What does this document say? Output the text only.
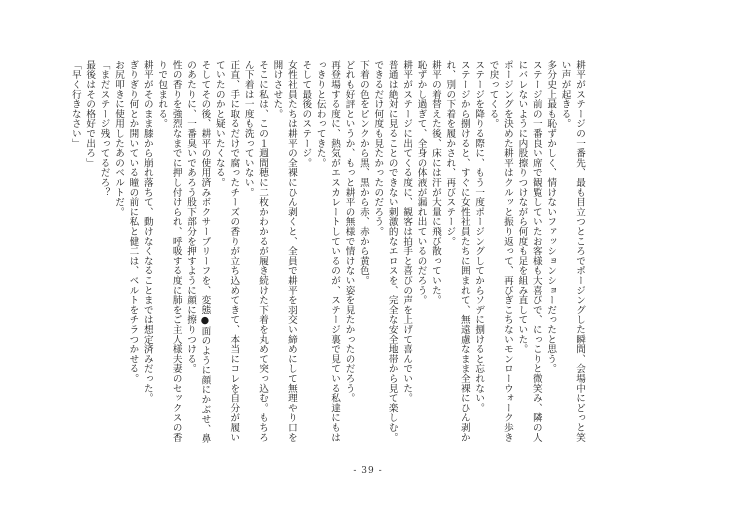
耕平がステージの一番先、最も目立つところでポージングした瞬間、会場中にどっと笑
い声が起きる。
多分史上最も恥ずかしく、情けないファッションショーだったと思う。
ステージ前の一番良い席で観覧していたお客様も大喜びで、にっこりと微笑み、隣の人
にバレないように内股擦りつけながら何度も足を組み直していた。
ポージングを決めた耕平はクルッと振り返って、再びぎこちないモンローウォーク歩き
で戻ってくる。
ステージを降りる際に、もう一度ポージングしてからソデに捌けると忘れない。
ステージから捌けると、すぐに女性社員たちに囲まれて、無遠慮なまま全裸にひん剥か
れ、別の下着を履かされ、再びステージ。
耕平の着替えた後、床には汗が大量に飛び散っていた。
恥ずかし過ぎて、全身の体液が漏れ出ているのだろう。
耕平がステージに出てくる度に、観客は拍手と喜びの声を上げて喜んでいた。
普通は絶対に見ることのできない刺激的なエロスを、完全な安全地帯から見て楽しむ。
できるだけ何度も見たかったのだろう。
下着の色をピンクから黒、黒から赤、赤から黄色。
どれも好評というか、もっと耕平の無様で情けない姿を見たかったのだろう。
再登場する度に、熱気がエスカレートしているのが、ステージ裏で見ている私達にもは
っきりと伝わってきた。
そして最後のステージ。
女性社員たちは耕平の全裸にひん剥くと、全員で耕平を羽交い締めにして無理やり口を
開けさせた。
そこに私は、この１週間穂に二枚かわかるが履き続けた下着を丸めて突っ込む。もちろ
ん下着は一度も洗っていない。
正直、手に取るだけで腐ったチーズの香りが立ち込めてきて、本当にコレを自分が履い
ていたのかと疑いたくなる。
そしてその後、耕平の使用済みボクサーブリーフを、変態●面のように顔にかぶせ、鼻
のあたりに、一番臭いであろう股下部分を押すように顔に擦りつける。
性の香りを強烈なまでに押し付けられ、呼吸する度に肺をご主人様夫妻のセックスの香
りで包まれる。
耕平がそのまま膝から崩れ落ちて、動けなくなることまでは想定済みだった。
ぎりぎり何とか開いている瞳の前に私と健二は、ベルトをチラつかせる。
お尻叩きに使用したあのベルトだ。
「まだステージ残ってるだろ？
最後はその格好で出ろ」
「早く行きなさい」
- 39 -
